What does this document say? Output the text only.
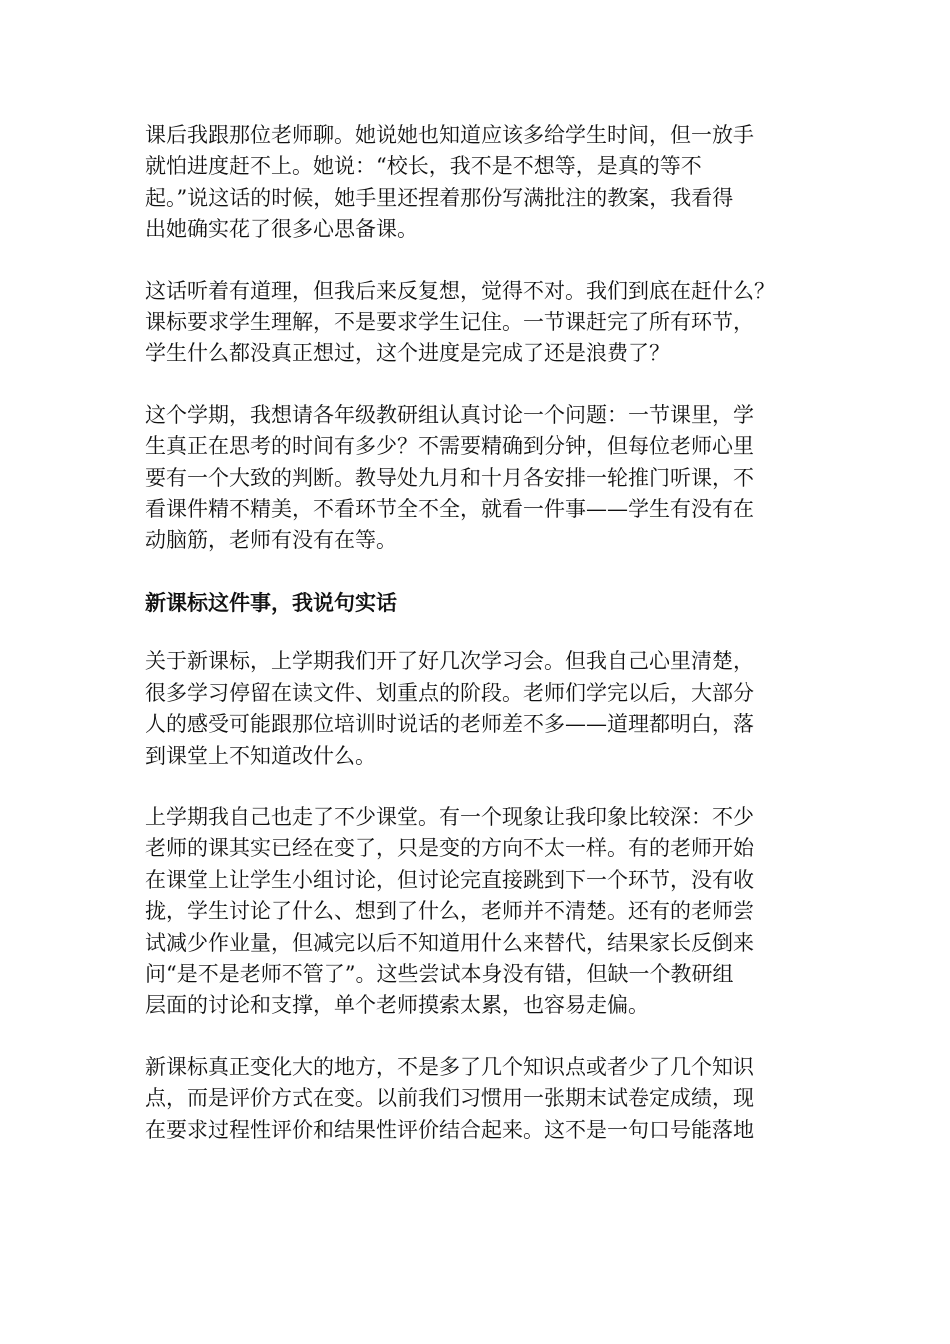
课后我跟那位老师聊。她说她也知道应该多给学生时间，但一放手
就怕进度赶不上。她说：“校长，我不是不想等，是真的等不
起。”说这话的时候，她手里还捏着那份写满批注的教案，我看得
出她确实花了很多心思备课。
这话听着有道理，但我后来反复想，觉得不对。我们到底在赶什么？
课标要求学生理解，不是要求学生记住。一节课赶完了所有环节，
学生什么都没真正想过，这个进度是完成了还是浪费了？
这个学期，我想请各年级教研组认真讨论一个问题：一节课里，学
生真正在思考的时间有多少？不需要精确到分钟，但每位老师心里
要有一个大致的判断。教导处九月和十月各安排一轮推门听课，不
看课件精不精美，不看环节全不全，就看一件事——学生有没有在
动脑筋，老师有没有在等。
新课标这件事，我说句实话
关于新课标，上学期我们开了好几次学习会。但我自己心里清楚，
很多学习停留在读文件、划重点的阶段。老师们学完以后，大部分
人的感受可能跟那位培训时说话的老师差不多——道理都明白，落
到课堂上不知道改什么。
上学期我自己也走了不少课堂。有一个现象让我印象比较深：不少
老师的课其实已经在变了，只是变的方向不太一样。有的老师开始
在课堂上让学生小组讨论，但讨论完直接跳到下一个环节，没有收
拢，学生讨论了什么、想到了什么，老师并不清楚。还有的老师尝
试减少作业量，但减完以后不知道用什么来替代，结果家长反倒来
问“是不是老师不管了”。这些尝试本身没有错，但缺一个教研组
层面的讨论和支撑，单个老师摸索太累，也容易走偏。
新课标真正变化大的地方，不是多了几个知识点或者少了几个知识
点，而是评价方式在变。以前我们习惯用一张期末试卷定成绩，现
在要求过程性评价和结果性评价结合起来。这不是一句口号能落地
